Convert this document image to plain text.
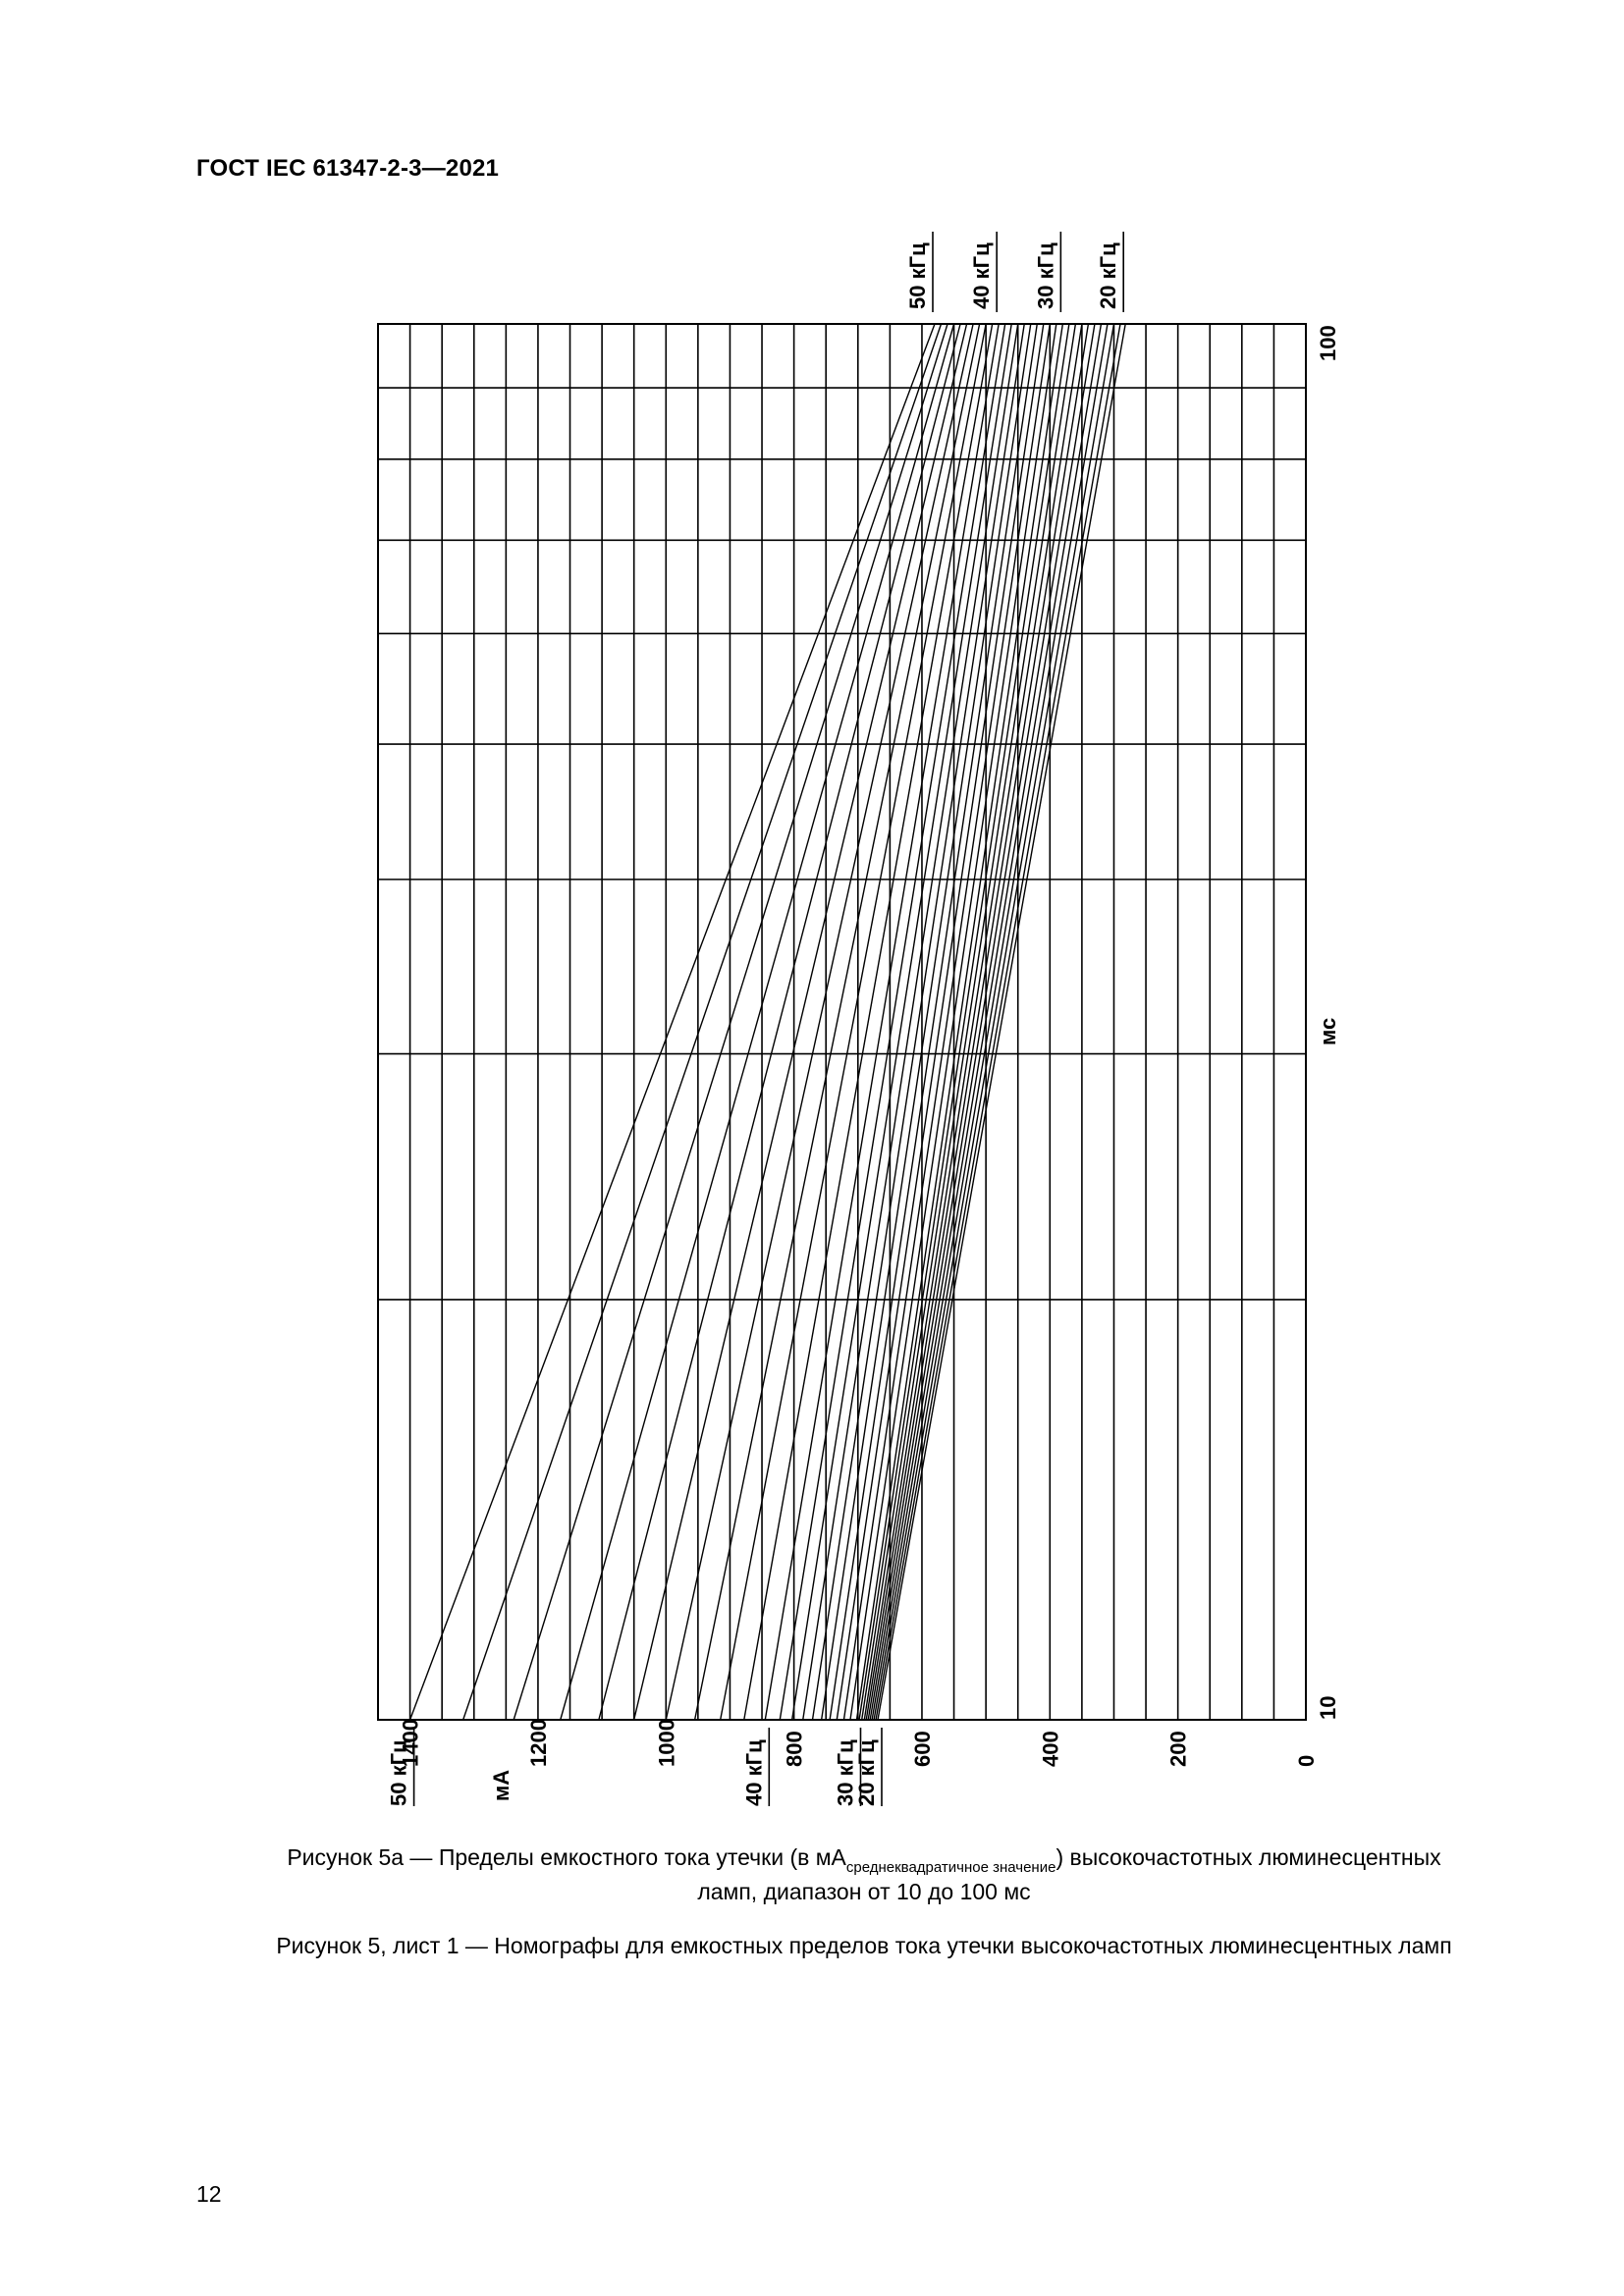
ГОСТ IEC 61347-2-3—2021
0
200
400
600
800
1000
1200
1400
мА
мс
10
100
50 кГц
50 кГц
40 кГц
40 кГц
30 кГц
30 кГц
20 кГц
20 кГц
Рисунок 5а — Пределы емкостного тока утечки (в $мА_{среднеквадратичное значение}$) высокочастотных люминесцентных
ламп, диапазон от 10 до 100 мс
Рисунок 5, лист 1 — Номографы для емкостных пределов тока утечки высокочастотных люминесцентных ламп
12
